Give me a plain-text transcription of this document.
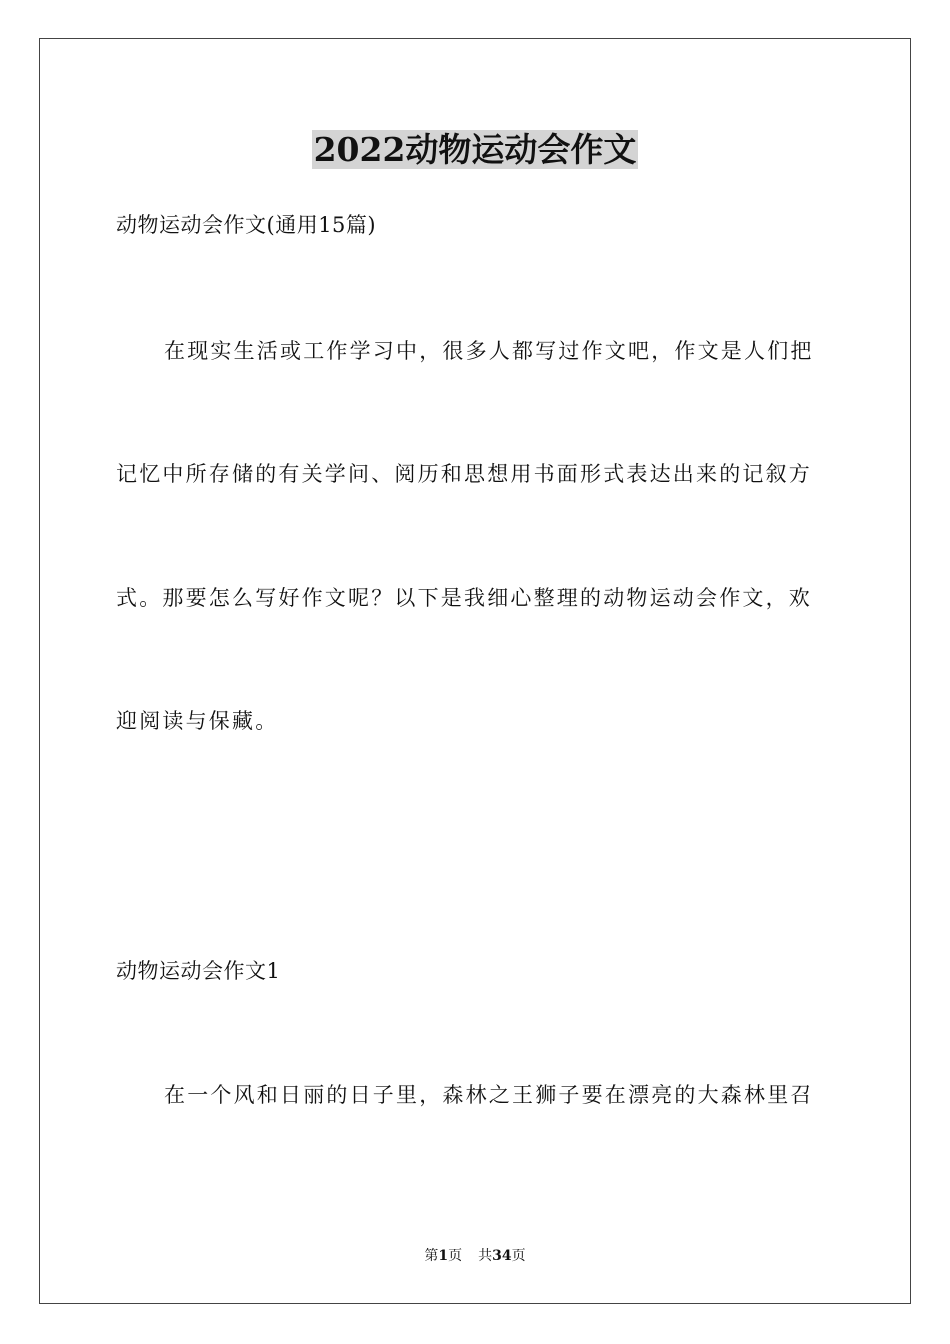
2022动物运动会作文
动物运动会作文(通用15篇)
在现实生活或工作学习中，很多人都写过作文吧，作文是人们把
记忆中所存储的有关学问、阅历和思想用书面形式表达出来的记叙方
式。那要怎么写好作文呢？以下是我细心整理的动物运动会作文，欢
迎阅读与保藏。
动物运动会作文1
在一个风和日丽的日子里，森林之王狮子要在漂亮的大森林里召
第1页 共34页
